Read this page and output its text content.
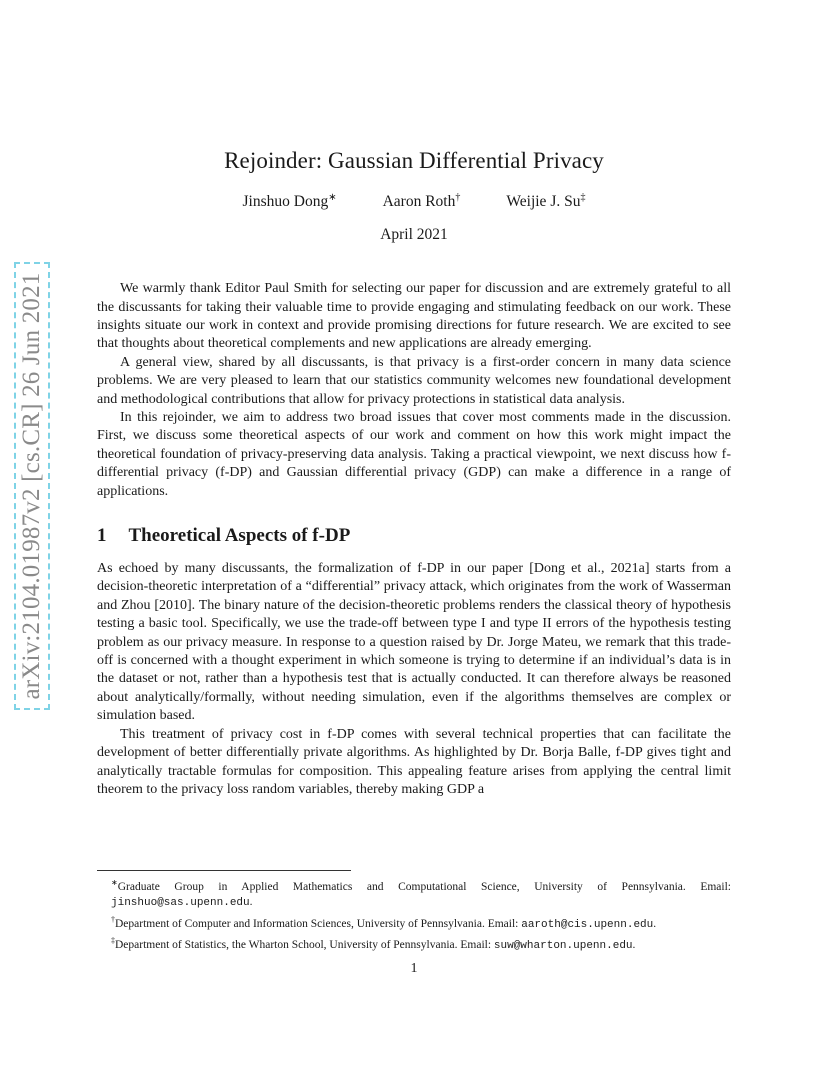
arXiv:2104.01987v2 [cs.CR] 26 Jun 2021
Rejoinder: Gaussian Differential Privacy
Jinshuo Dong∗	Aaron Roth†	Weijie J. Su‡
April 2021

We warmly thank Editor Paul Smith for selecting our paper for discussion and are extremely grateful to all the discussants for taking their valuable time to provide engaging and stimulating feedback on our work. These insights situate our work in context and provide promising directions for future research. We are excited to see that thoughts about theoretical complements and new applications are already emerging.

A general view, shared by all discussants, is that privacy is a first-order concern in many data science problems. We are very pleased to learn that our statistics community welcomes new foundational development and methodological contributions that allow for privacy protections in statistical data analysis.

In this rejoinder, we aim to address two broad issues that cover most comments made in the discussion. First, we discuss some theoretical aspects of our work and comment on how this work might impact the theoretical foundation of privacy-preserving data analysis. Taking a practical viewpoint, we next discuss how f-differential privacy (f-DP) and Gaussian differential privacy (GDP) can make a difference in a range of applications.

1 Theoretical Aspects of f-DP

As echoed by many discussants, the formalization of f-DP in our paper [Dong et al., 2021a] starts from a decision-theoretic interpretation of a “differential” privacy attack, which originates from the work of Wasserman and Zhou [2010]. The binary nature of the decision-theoretic problems renders the classical theory of hypothesis testing a basic tool. Specifically, we use the trade-off between type I and type II errors of the hypothesis testing problem as our privacy measure. In response to a question raised by Dr. Jorge Mateu, we remark that this trade-off is concerned with a thought experiment in which someone is trying to determine if an individual’s data is in the dataset or not, rather than a hypothesis test that is actually conducted. It can therefore always be reasoned about analytically/formally, without needing simulation, even if the algorithms themselves are complex or simulation based.

This treatment of privacy cost in f-DP comes with several technical properties that can facilitate the development of better differentially private algorithms. As highlighted by Dr. Borja Balle, f-DP gives tight and analytically tractable formulas for composition. This appealing feature arises from applying the central limit theorem to the privacy loss random variables, thereby making GDP a

∗Graduate Group in Applied Mathematics and Computational Science, University of Pennsylvania. Email: jinshuo@sas.upenn.edu.
†Department of Computer and Information Sciences, University of Pennsylvania. Email: aaroth@cis.upenn.edu.
‡Department of Statistics, the Wharton School, University of Pennsylvania. Email: suw@wharton.upenn.edu.
1
